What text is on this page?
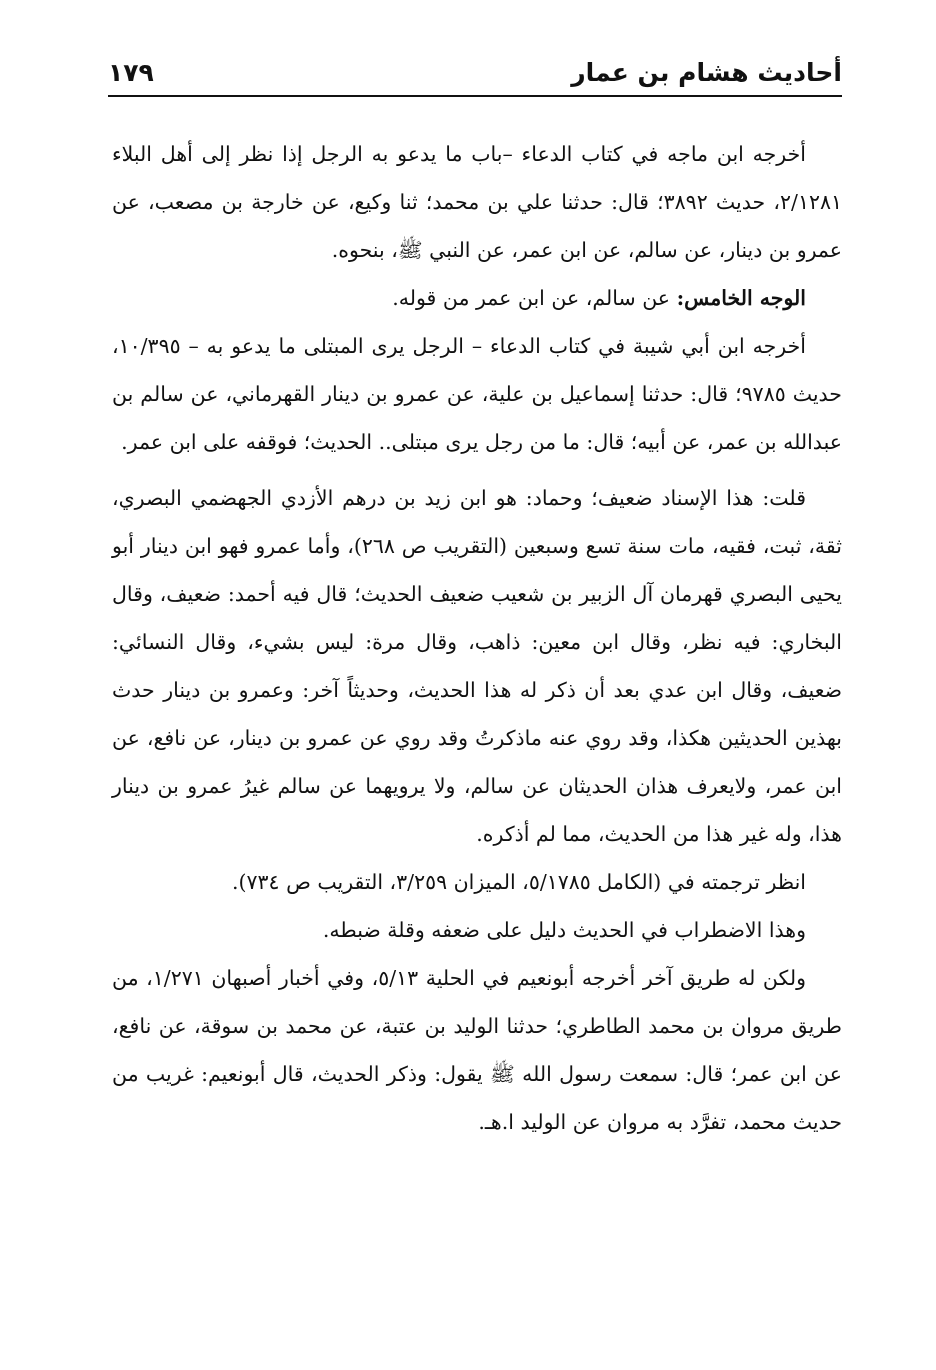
أحاديث هشام بن عمار
١٧٩

أخرجه ابن ماجه في كتاب الدعاء –باب ما يدعو به الرجل إذا نظر إلى أهل البلاء ٢/١٢٨١، حديث ٣٨٩٢؛ قال: حدثنا علي بن محمد؛ ثنا وكيع، عن خارجة بن مصعب، عن عمرو بن دينار، عن سالم، عن ابن عمر، عن النبي ﷺ، بنحوه.

الوجه الخامس: عن سالم، عن ابن عمر من قوله.

أخرجه ابن أبي شيبة في كتاب الدعاء – الرجل يرى المبتلى ما يدعو به – ١٠/٣٩٥، حديث ٩٧٨٥؛ قال: حدثنا إسماعيل بن علية، عن عمرو بن دينار القهرماني، عن سالم بن عبدالله بن عمر، عن أبيه؛ قال: ما من رجل يرى مبتلى.. الحديث؛ فوقفه على ابن عمر.

قلت: هذا الإسناد ضعيف؛ وحماد: هو ابن زيد بن درهم الأزدي الجهضمي البصري، ثقة، ثبت، فقيه، مات سنة تسع وسبعين (التقريب ص ٢٦٨)، وأما عمرو فهو ابن دينار أبو يحيى البصري قهرمان آل الزبير بن شعيب ضعيف الحديث؛ قال فيه أحمد: ضعيف، وقال البخاري: فيه نظر، وقال ابن معين: ذاهب، وقال مرة: ليس بشيء، وقال النسائي: ضعيف، وقال ابن عدي بعد أن ذكر له هذا الحديث، وحديثاً آخر: وعمرو بن دينار حدث بهذين الحديثين هكذا، وقد روي عنه ماذكرتُ وقد روي عن عمرو بن دينار، عن نافع، عن ابن عمر، ولايعرف هذان الحديثان عن سالم، ولا يرويهما عن سالم غيرُ عمرو بن دينار هذا، وله غير هذا من الحديث، مما لم أذكره.

انظر ترجمته في (الكامل ٥/١٧٨٥، الميزان ٣/٢٥٩، التقريب ص ٧٣٤).

وهذا الاضطراب في الحديث دليل على ضعفه وقلة ضبطه.

ولكن له طريق آخر أخرجه أبونعيم في الحلية ٥/١٣، وفي أخبار أصبهان ١/٢٧١، من طريق مروان بن محمد الطاطري؛ حدثنا الوليد بن عتبة، عن محمد بن سوقة، عن نافع، عن ابن عمر؛ قال: سمعت رسول الله ﷺ يقول: وذكر الحديث، قال أبونعيم: غريب من حديث محمد، تفرَّد به مروان عن الوليد ا.هـ.
